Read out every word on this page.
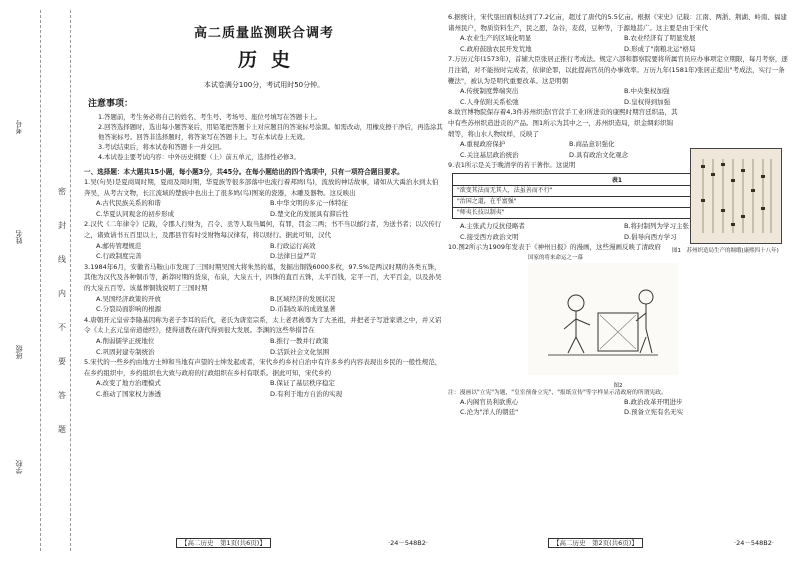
考号
姓名
班级
学校
密
封
线
内
不
要
答
题
高二质量监测联合调考
历史
本试卷满分100分，考试用时50分钟。
注意事项：
1.答题前，考生务必将自己的姓名、考生号、考场号、座位号填写在答题卡上。
2.回答选择题时，选出每小题答案后，用铅笔把答题卡上对应题目的答案标号涂黑。如需改动，用橡皮擦干净后，再选涂其他答案标号。回答非选择题时，将答案写在答题卡上。写在本试卷上无效。
3.考试结束后，将本试卷和答题卡一并交回。
4.本试卷主要考试内容：中外历史纲要（上）前五单元，选择性必修3。
一、选择题：本大题共15小题，每小题3分，共45分。在每小题给出的四个选项中，只有一项符合题目要求。
1.吴(句吴)是夏商周时期，夏商及周时期，华夏族等很多部落中也流行着邦鸠(鸟)，流放的神话故事，诸如从大禹治水到太伯奔吴，从考古文物，长江流域的楚族中也出土了很多鸠(鸟)图案的瓷器，木雕及器物。这反映出
A.古代民族关系的和谐	B.中华文明的多元一体特征
C.华夏认同观念的初步形成	D.楚文化的发展具有滞后性
2.汉代《二年律令》记载，令郡人行财为，召令、丞等人取当属何，有罪，罚金二两；书不当以邮行者，为送书者；以次传行之，诸致请书五百里以上，及郡县官有时受财物每汉律有，将以财行。据此可知，汉代
A.邮传管理规范	B.行政运行高效
C.行政制度完善	D.法律日益严苛
3.1984年6月，安徽省马鞍山市发现了三国时期吴国大将朱然的墓，发掘出铜钱6000多枚，97.5%是两汉时期的各类五铢，其他为汉代及各种铜币等，新莽时期的货泉，布泉，大泉五十，四铢的直百五铢，太平百钱，定平一百，大平百金，以及孙吴的大泉五百等。该墓葬铜钱说明了三国时期
A.吴国经济政策的开放	B.区域经济的发展状况
C.分裂局面影响的根源	D.币制改革的成效显著
4.唐朝开元皇帝李隆基因称为老子李耳的后代，老氏为唐室宗系，太上老君被尊为了大圣祖，并把老子写进家谱之中，并又诏令《太上玄元皇帝道德经》，使得道教在唐代得到很大发展。李渊的这些举措旨在
A.削弱儒学正统地位	B.推行一教并行政策
C.巩固封建专制统治	D.活跃社会文化氛围
5.宋代的一些乡约由地方士绅和当地有声望的士绅发起或者，宋代乡约乡村自治中有许多乡约内容表现出乡民的一般性规范，在乡约组织中，乡约组织也大致与政府的行政组织在乡村有联系。据此可知，宋代乡约
A.改变了地方治理模式	B.保证了基层秩序稳定
C.推动了国家权力渗透	D.有利于地方自治的实现
【高二历史　第1页(共6页)】	·24－548B2·
6.据统计，宋代垦田面积达到了7.2亿亩，超过了唐代的5.5亿亩。根据《宋史》记载：江南、两浙、荆湖、岭南、福建诸州民户，物质资料生产，民之愿，杂谷，麦菽，豆种等，于源地甚广。这主要是由于宋代
A.农业生产的区域化明显	B.农业经济有了明显发展
C.政府鼓励农民开发荒地	D.形成了"南粮北运"格局
7.万历元年(1573年)，首辅大臣张居正推行考成法。规定六部和都察院要将所属官员应办事项定立期限，每月考察，逐月注销，对不能按时完成者，依律论罪，以此提高官员的办事效率。万历九年(1581年)张居正提出"考成法，实行一条鞭法"，被认为是明代重要改革。这是明朝
A.传统制度弊端突出	B.中央集权加强
C.人身依附关系松弛	D.皇权得到加强
8.故宫博物院保存着4,3件苏州织造(官营手工业)所进贡的康熙时期宫廷织品，其中有些苏州织造进贡的产品。图1所示为其中之一，苏州织造局，织金绸彩织锦缎等，将山水人物纹样，反映了
A.重视政府保护	B.商品意识强化
C.关注基层政治统治	D.具有政治文化观念
9.表1所示是关于晚清学的若干著作。这说明
表1
"欲变其法而无其人，法虽善而不行"
"治国之道，在乎富强"
"师夷长技以制夷"
A.主张武力反抗侵略者	B.将封制列为学习主张
C.接受西方政治文明	D.倡导向西方学习
10.图2所示为1909年发表于《神州日报》的漫画，这些漫画反映了清政府
国家的将来命运之一幕
图2
注：漫画以"立宪"为题，"皇室预备立宪"、"报纸宣传"等字样显示清政府的所谓宪政。
A.内阁官员利欲熏心	B.政治改革开明进步
C.沦为"洋人的朝廷"	D.预备立宪有名无实
图1　苏州织造局生产的绸缎(康熙四十八年)
【高二历史　第2页(共6页)】	·24－548B2·
